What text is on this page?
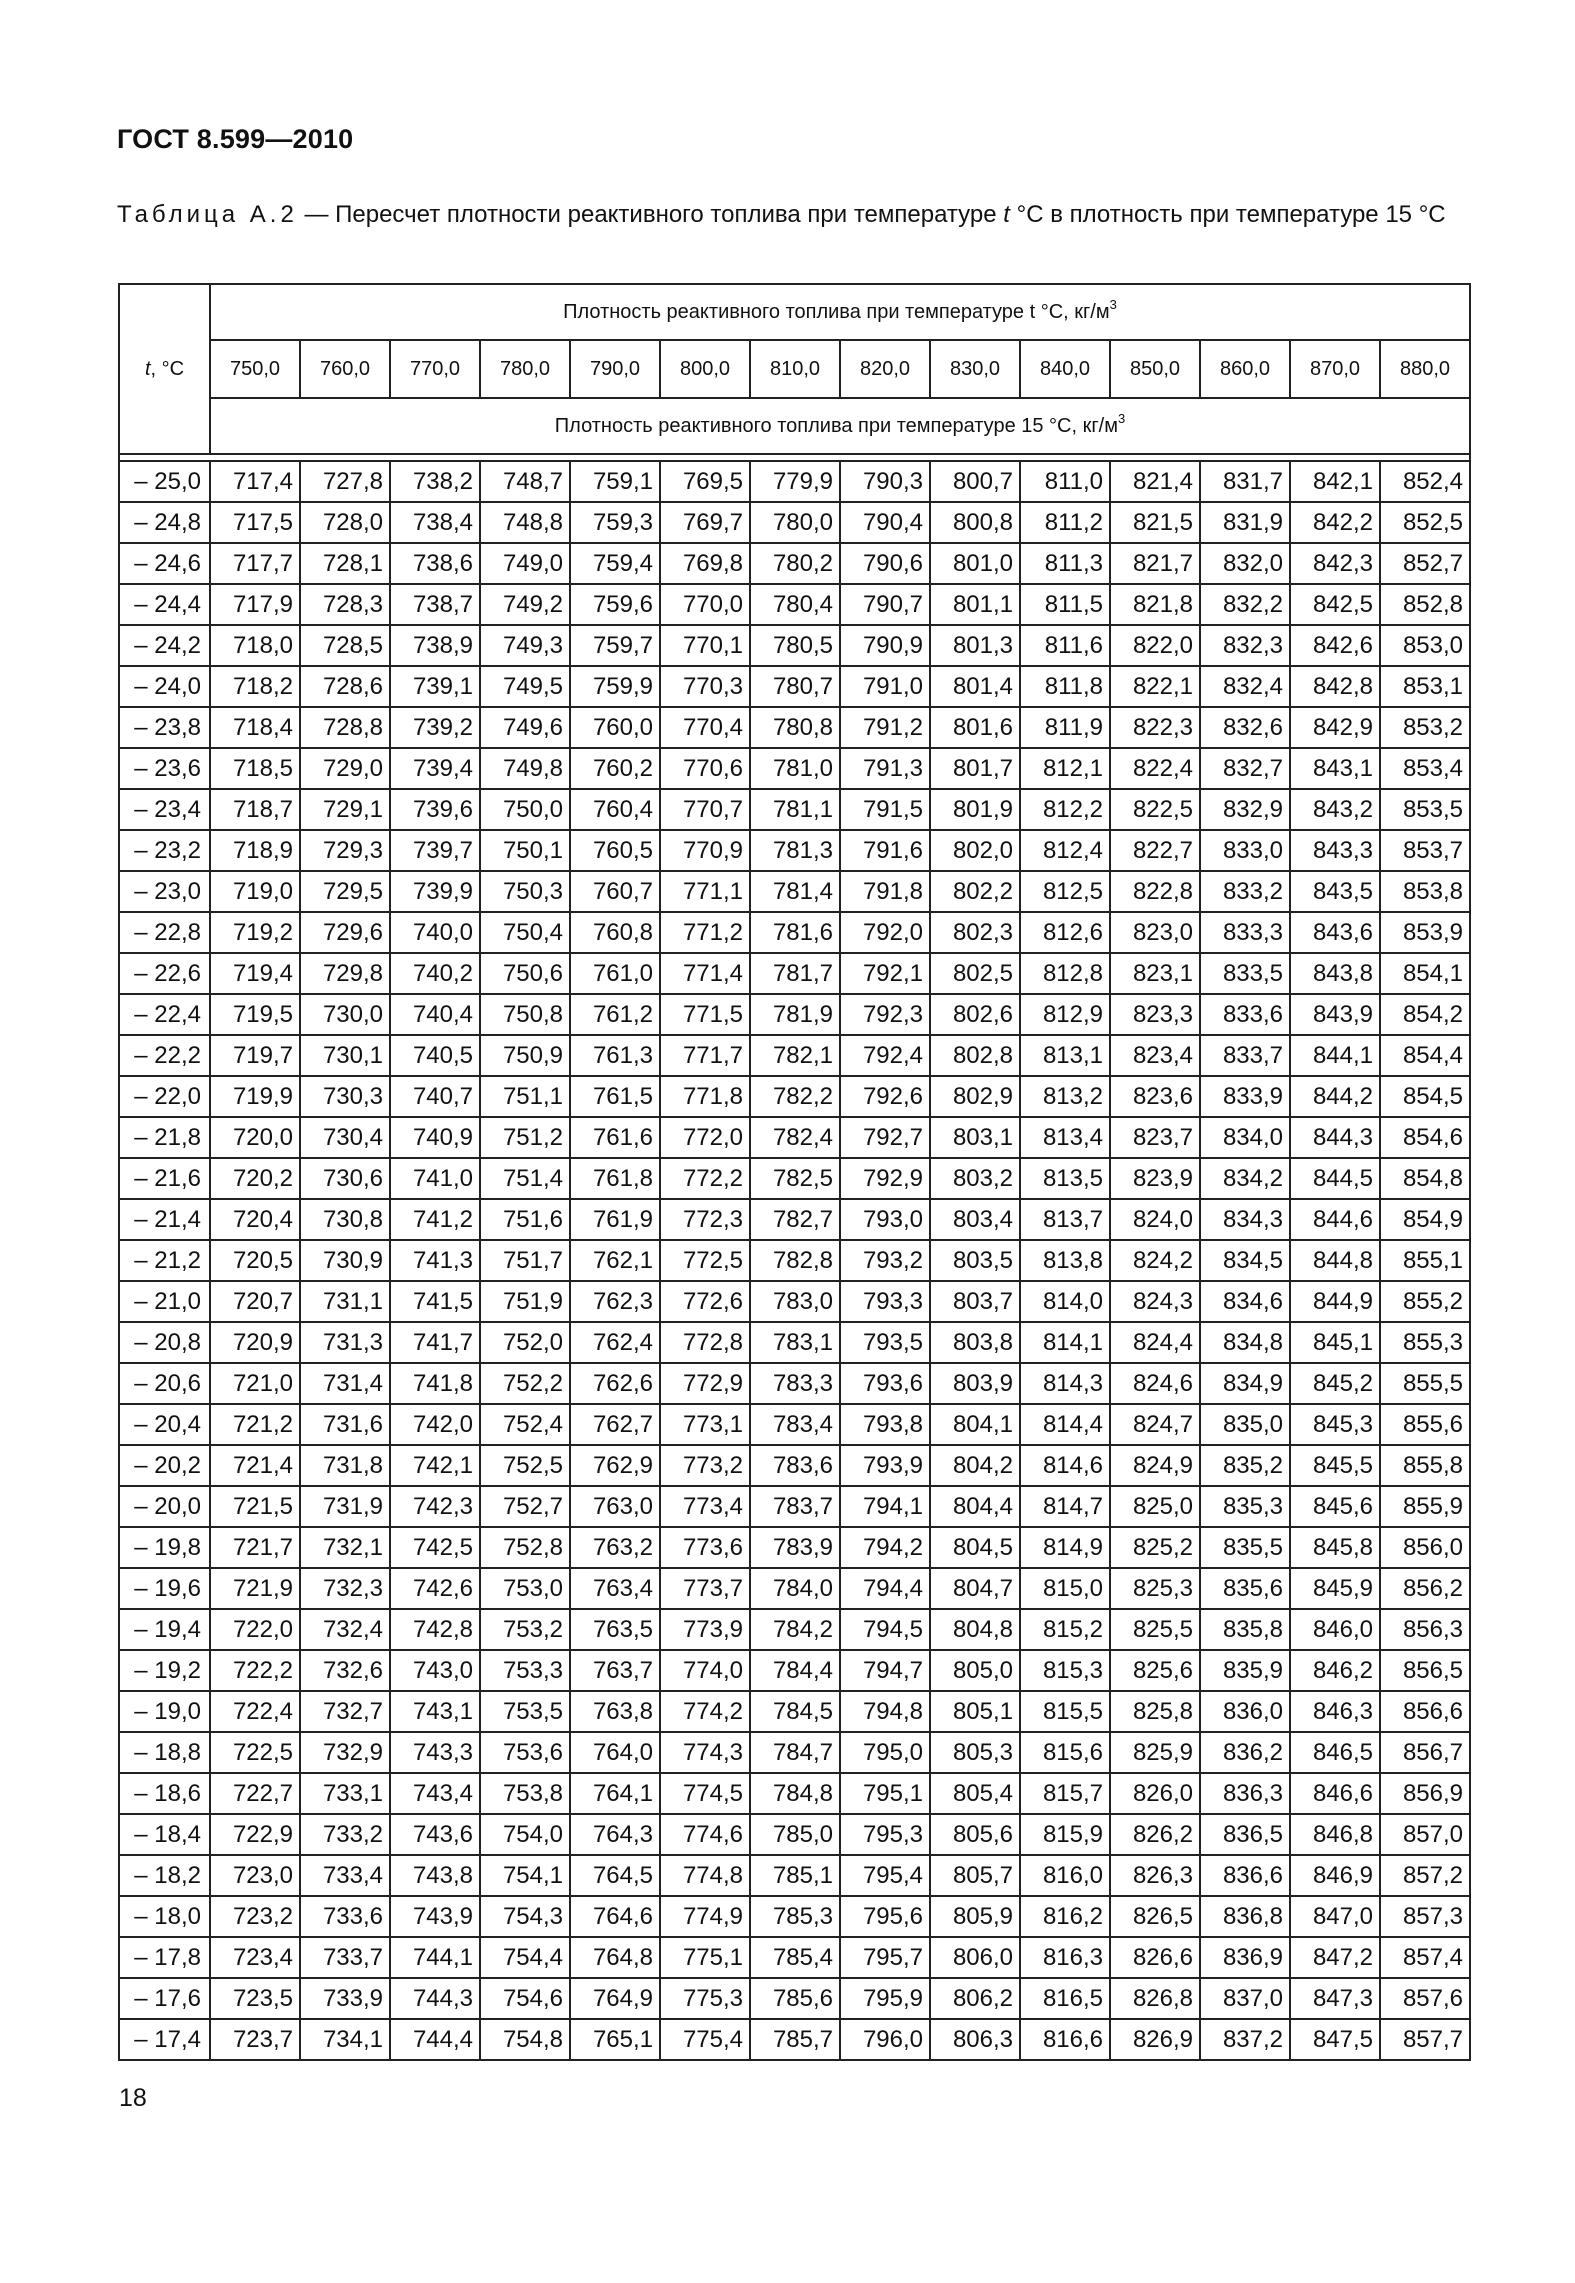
ГОСТ 8.599—2010
Таблица А.2 — Пересчет плотности реактивного топлива при температуре t °С в плотность при температуре 15 °С
t, °С	Плотность реактивного топлива при температуре t °С, $кг/м^3$
	750,0	760,0	770,0	780,0	790,0	800,0	810,0	820,0	830,0	840,0	850,0	860,0	870,0	880,0
	Плотность реактивного топлива при температуре 15 °С, $кг/м^3$

– 25,0	717,4	727,8	738,2	748,7	759,1	769,5	779,9	790,3	800,7	811,0	821,4	831,7	842,1	852,4
– 24,8	717,5	728,0	738,4	748,8	759,3	769,7	780,0	790,4	800,8	811,2	821,5	831,9	842,2	852,5
– 24,6	717,7	728,1	738,6	749,0	759,4	769,8	780,2	790,6	801,0	811,3	821,7	832,0	842,3	852,7
– 24,4	717,9	728,3	738,7	749,2	759,6	770,0	780,4	790,7	801,1	811,5	821,8	832,2	842,5	852,8
– 24,2	718,0	728,5	738,9	749,3	759,7	770,1	780,5	790,9	801,3	811,6	822,0	832,3	842,6	853,0
– 24,0	718,2	728,6	739,1	749,5	759,9	770,3	780,7	791,0	801,4	811,8	822,1	832,4	842,8	853,1
– 23,8	718,4	728,8	739,2	749,6	760,0	770,4	780,8	791,2	801,6	811,9	822,3	832,6	842,9	853,2
– 23,6	718,5	729,0	739,4	749,8	760,2	770,6	781,0	791,3	801,7	812,1	822,4	832,7	843,1	853,4
– 23,4	718,7	729,1	739,6	750,0	760,4	770,7	781,1	791,5	801,9	812,2	822,5	832,9	843,2	853,5
– 23,2	718,9	729,3	739,7	750,1	760,5	770,9	781,3	791,6	802,0	812,4	822,7	833,0	843,3	853,7
– 23,0	719,0	729,5	739,9	750,3	760,7	771,1	781,4	791,8	802,2	812,5	822,8	833,2	843,5	853,8
– 22,8	719,2	729,6	740,0	750,4	760,8	771,2	781,6	792,0	802,3	812,6	823,0	833,3	843,6	853,9
– 22,6	719,4	729,8	740,2	750,6	761,0	771,4	781,7	792,1	802,5	812,8	823,1	833,5	843,8	854,1
– 22,4	719,5	730,0	740,4	750,8	761,2	771,5	781,9	792,3	802,6	812,9	823,3	833,6	843,9	854,2
– 22,2	719,7	730,1	740,5	750,9	761,3	771,7	782,1	792,4	802,8	813,1	823,4	833,7	844,1	854,4
– 22,0	719,9	730,3	740,7	751,1	761,5	771,8	782,2	792,6	802,9	813,2	823,6	833,9	844,2	854,5
– 21,8	720,0	730,4	740,9	751,2	761,6	772,0	782,4	792,7	803,1	813,4	823,7	834,0	844,3	854,6
– 21,6	720,2	730,6	741,0	751,4	761,8	772,2	782,5	792,9	803,2	813,5	823,9	834,2	844,5	854,8
– 21,4	720,4	730,8	741,2	751,6	761,9	772,3	782,7	793,0	803,4	813,7	824,0	834,3	844,6	854,9
– 21,2	720,5	730,9	741,3	751,7	762,1	772,5	782,8	793,2	803,5	813,8	824,2	834,5	844,8	855,1
– 21,0	720,7	731,1	741,5	751,9	762,3	772,6	783,0	793,3	803,7	814,0	824,3	834,6	844,9	855,2
– 20,8	720,9	731,3	741,7	752,0	762,4	772,8	783,1	793,5	803,8	814,1	824,4	834,8	845,1	855,3
– 20,6	721,0	731,4	741,8	752,2	762,6	772,9	783,3	793,6	803,9	814,3	824,6	834,9	845,2	855,5
– 20,4	721,2	731,6	742,0	752,4	762,7	773,1	783,4	793,8	804,1	814,4	824,7	835,0	845,3	855,6
– 20,2	721,4	731,8	742,1	752,5	762,9	773,2	783,6	793,9	804,2	814,6	824,9	835,2	845,5	855,8
– 20,0	721,5	731,9	742,3	752,7	763,0	773,4	783,7	794,1	804,4	814,7	825,0	835,3	845,6	855,9
– 19,8	721,7	732,1	742,5	752,8	763,2	773,6	783,9	794,2	804,5	814,9	825,2	835,5	845,8	856,0
– 19,6	721,9	732,3	742,6	753,0	763,4	773,7	784,0	794,4	804,7	815,0	825,3	835,6	845,9	856,2
– 19,4	722,0	732,4	742,8	753,2	763,5	773,9	784,2	794,5	804,8	815,2	825,5	835,8	846,0	856,3
– 19,2	722,2	732,6	743,0	753,3	763,7	774,0	784,4	794,7	805,0	815,3	825,6	835,9	846,2	856,5
– 19,0	722,4	732,7	743,1	753,5	763,8	774,2	784,5	794,8	805,1	815,5	825,8	836,0	846,3	856,6
– 18,8	722,5	732,9	743,3	753,6	764,0	774,3	784,7	795,0	805,3	815,6	825,9	836,2	846,5	856,7
– 18,6	722,7	733,1	743,4	753,8	764,1	774,5	784,8	795,1	805,4	815,7	826,0	836,3	846,6	856,9
– 18,4	722,9	733,2	743,6	754,0	764,3	774,6	785,0	795,3	805,6	815,9	826,2	836,5	846,8	857,0
– 18,2	723,0	733,4	743,8	754,1	764,5	774,8	785,1	795,4	805,7	816,0	826,3	836,6	846,9	857,2
– 18,0	723,2	733,6	743,9	754,3	764,6	774,9	785,3	795,6	805,9	816,2	826,5	836,8	847,0	857,3
– 17,8	723,4	733,7	744,1	754,4	764,8	775,1	785,4	795,7	806,0	816,3	826,6	836,9	847,2	857,4
– 17,6	723,5	733,9	744,3	754,6	764,9	775,3	785,6	795,9	806,2	816,5	826,8	837,0	847,3	857,6
– 17,4	723,7	734,1	744,4	754,8	765,1	775,4	785,7	796,0	806,3	816,6	826,9	837,2	847,5	857,7
18
